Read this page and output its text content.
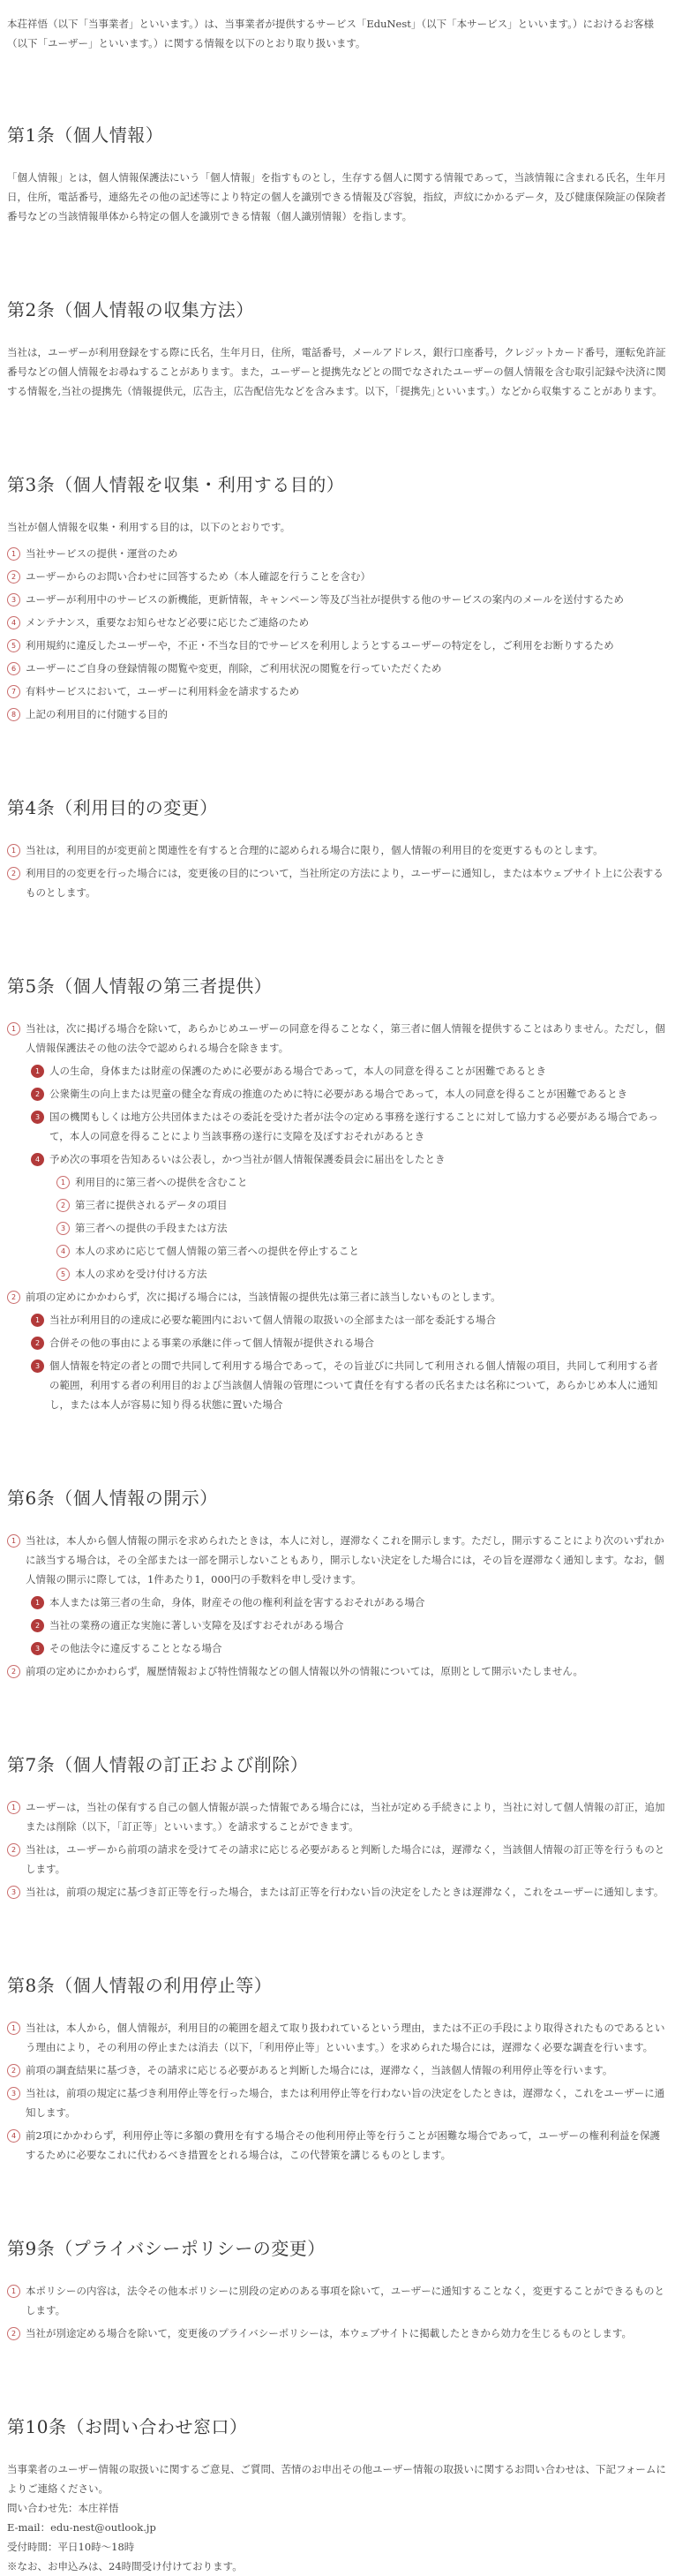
本荘祥悟（以下「当事業者」といいます。）は、当事業者が提供するサービス「EduNest」（以下「本サービス」といいます。）におけるお客様（以下「ユーザー」といいます。）に関する情報を以下のとおり取り扱います。

第1条（個人情報）

「個人情報」とは，個人情報保護法にいう「個人情報」を指すものとし，生存する個人に関する情報であって，当該情報に含まれる氏名，生年月日，住所，電話番号，連絡先その他の記述等により特定の個人を識別できる情報及び容貌，指紋，声紋にかかるデータ，及び健康保険証の保険者番号などの当該情報単体から特定の個人を識別できる情報（個人識別情報）を指します。

第2条（個人情報の収集方法）

当社は，ユーザーが利用登録をする際に氏名，生年月日，住所，電話番号，メールアドレス，銀行口座番号，クレジットカード番号，運転免許証番号などの個人情報をお尋ねすることがあります。また，ユーザーと提携先などとの間でなされたユーザーの個人情報を含む取引記録や決済に関する情報を,当社の提携先（情報提供元，広告主，広告配信先などを含みます。以下，｢提携先｣といいます。）などから収集することがあります。

第3条（個人情報を収集・利用する目的）

当社が個人情報を収集・利用する目的は，以下のとおりです。

1 当社サービスの提供・運営のため
2 ユーザーからのお問い合わせに回答するため（本人確認を行うことを含む）
3 ユーザーが利用中のサービスの新機能，更新情報，キャンペーン等及び当社が提供する他のサービスの案内のメールを送付するため
4 メンテナンス，重要なお知らせなど必要に応じたご連絡のため
5 利用規約に違反したユーザーや，不正・不当な目的でサービスを利用しようとするユーザーの特定をし，ご利用をお断りするため
6 ユーザーにご自身の登録情報の閲覧や変更，削除，ご利用状況の閲覧を行っていただくため
7 有料サービスにおいて，ユーザーに利用料金を請求するため
8 上記の利用目的に付随する目的
第4条（利用目的の変更）
1 当社は，利用目的が変更前と関連性を有すると合理的に認められる場合に限り，個人情報の利用目的を変更するものとします。
2 利用目的の変更を行った場合には，変更後の目的について，当社所定の方法により，ユーザーに通知し，または本ウェブサイト上に公表するものとします。
第5条（個人情報の第三者提供）
1 当社は，次に掲げる場合を除いて，あらかじめユーザーの同意を得ることなく，第三者に個人情報を提供することはありません。ただし，個人情報保護法その他の法令で認められる場合を除きます。
1 人の生命，身体または財産の保護のために必要がある場合であって，本人の同意を得ることが困難であるとき
2 公衆衛生の向上または児童の健全な育成の推進のために特に必要がある場合であって，本人の同意を得ることが困難であるとき
3 国の機関もしくは地方公共団体またはその委託を受けた者が法令の定める事務を遂行することに対して協力する必要がある場合であって，本人の同意を得ることにより当該事務の遂行に支障を及ぼすおそれがあるとき
4 予め次の事項を告知あるいは公表し，かつ当社が個人情報保護委員会に届出をしたとき
1 利用目的に第三者への提供を含むこと
2 第三者に提供されるデータの項目
3 第三者への提供の手段または方法
4 本人の求めに応じて個人情報の第三者への提供を停止すること
5 本人の求めを受け付ける方法
2 前項の定めにかかわらず，次に掲げる場合には，当該情報の提供先は第三者に該当しないものとします。
1 当社が利用目的の達成に必要な範囲内において個人情報の取扱いの全部または一部を委託する場合
2 合併その他の事由による事業の承継に伴って個人情報が提供される場合
3 個人情報を特定の者との間で共同して利用する場合であって，その旨並びに共同して利用される個人情報の項目，共同して利用する者の範囲，利用する者の利用目的および当該個人情報の管理について責任を有する者の氏名または名称について，あらかじめ本人に通知し，または本人が容易に知り得る状態に置いた場合
第6条（個人情報の開示）
1 当社は，本人から個人情報の開示を求められたときは，本人に対し，遅滞なくこれを開示します。ただし，開示することにより次のいずれかに該当する場合は，その全部または一部を開示しないこともあり，開示しない決定をした場合には，その旨を遅滞なく通知します。なお，個人情報の開示に際しては，1件あたり1，000円の手数料を申し受けます。
1 本人または第三者の生命，身体，財産その他の権利利益を害するおそれがある場合
2 当社の業務の適正な実施に著しい支障を及ぼすおそれがある場合
3 その他法令に違反することとなる場合
2 前項の定めにかかわらず，履歴情報および特性情報などの個人情報以外の情報については，原則として開示いたしません。
第7条（個人情報の訂正および削除）
1 ユーザーは，当社の保有する自己の個人情報が誤った情報である場合には，当社が定める手続きにより，当社に対して個人情報の訂正，追加または削除（以下，「訂正等」といいます。）を請求することができます。
2 当社は，ユーザーから前項の請求を受けてその請求に応じる必要があると判断した場合には，遅滞なく，当該個人情報の訂正等を行うものとします。
3 当社は，前項の規定に基づき訂正等を行った場合，または訂正等を行わない旨の決定をしたときは遅滞なく，これをユーザーに通知します。
第8条（個人情報の利用停止等）
1 当社は，本人から，個人情報が，利用目的の範囲を超えて取り扱われているという理由，または不正の手段により取得されたものであるという理由により，その利用の停止または消去（以下，「利用停止等」といいます。）を求められた場合には，遅滞なく必要な調査を行います。
2 前項の調査結果に基づき，その請求に応じる必要があると判断した場合には，遅滞なく，当該個人情報の利用停止等を行います。
3 当社は，前項の規定に基づき利用停止等を行った場合，または利用停止等を行わない旨の決定をしたときは，遅滞なく，これをユーザーに通知します。
4 前2項にかかわらず，利用停止等に多額の費用を有する場合その他利用停止等を行うことが困難な場合であって，ユーザーの権利利益を保護するために必要なこれに代わるべき措置をとれる場合は，この代替策を講じるものとします。
第9条（プライバシーポリシーの変更）
1 本ポリシーの内容は，法令その他本ポリシーに別段の定めのある事項を除いて，ユーザーに通知することなく，変更することができるものとします。
2 当社が別途定める場合を除いて，変更後のプライバシーポリシーは，本ウェブサイトに掲載したときから効力を生じるものとします。
第10条（お問い合わせ窓口）

当事業者のユーザー情報の取扱いに関するご意見、ご質問、苦情のお申出その他ユーザー情報の取扱いに関するお問い合わせは、下記フォームによりご連絡ください。

問い合わせ先：本庄祥悟

E-mail：edu-nest@outlook.jp

受付時間：平日10時〜18時

※なお、お申込みは、24時間受け付けております。
